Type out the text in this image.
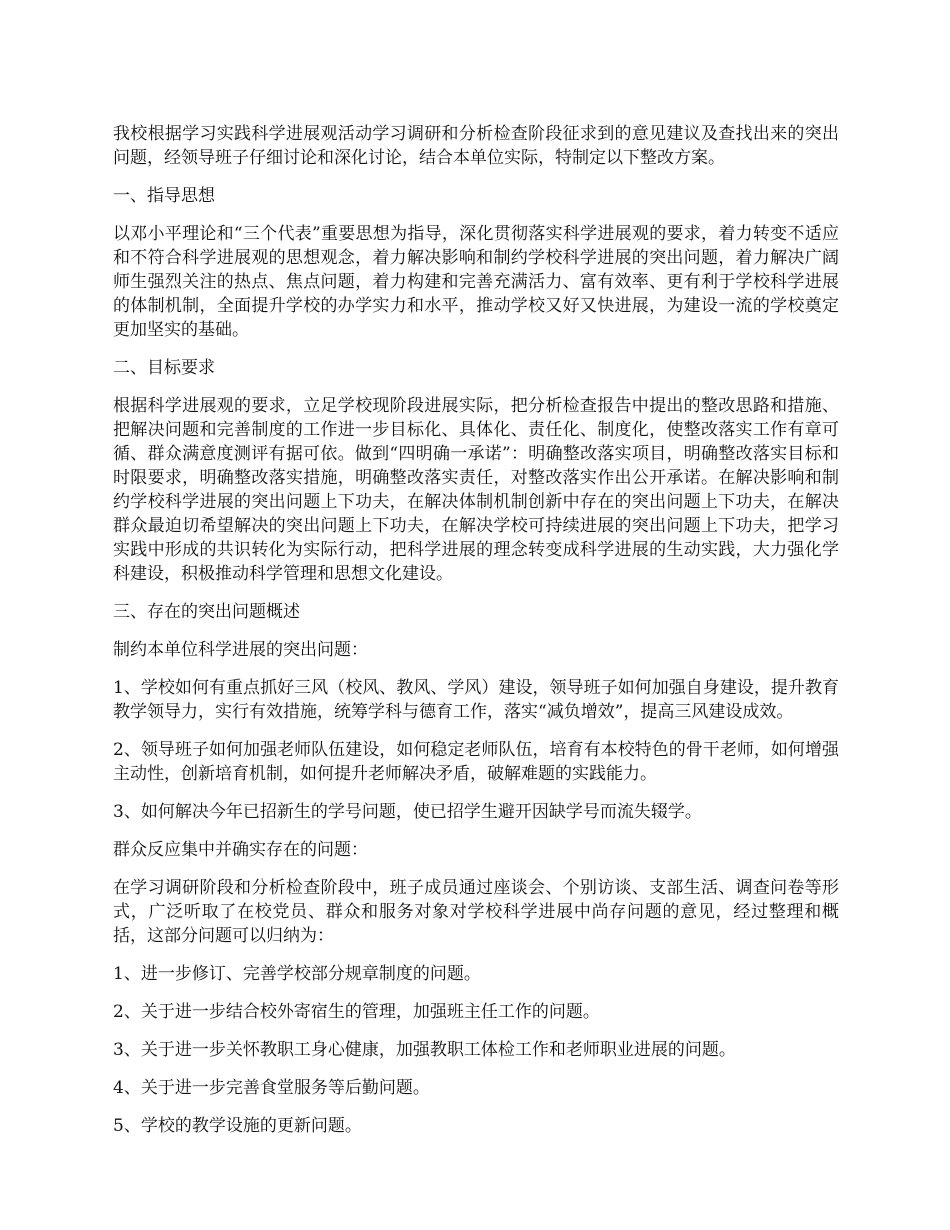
我校根据学习实践科学进展观活动学习调研和分析检查阶段征求到的意见建议及查找出来的突出问题，经领导班子仔细讨论和深化讨论，结合本单位实际，特制定以下整改方案。

一、指导思想

以邓小平理论和“三个代表”重要思想为指导，深化贯彻落实科学进展观的要求，着力转变不适应和不符合科学进展观的思想观念，着力解决影响和制约学校科学进展的突出问题，着力解决广阔师生强烈关注的热点、焦点问题，着力构建和完善充满活力、富有效率、更有利于学校科学进展的体制机制，全面提升学校的办学实力和水平，推动学校又好又快进展，为建设一流的学校奠定更加坚实的基础。

二、目标要求

根据科学进展观的要求，立足学校现阶段进展实际，把分析检查报告中提出的整改思路和措施、把解决问题和完善制度的工作进一步目标化、具体化、责任化、制度化，使整改落实工作有章可循、群众满意度测评有据可依。做到“四明确一承诺”：明确整改落实项目，明确整改落实目标和时限要求，明确整改落实措施，明确整改落实责任，对整改落实作出公开承诺。在解决影响和制约学校科学进展的突出问题上下功夫，在解决体制机制创新中存在的突出问题上下功夫，在解决群众最迫切希望解决的突出问题上下功夫，在解决学校可持续进展的突出问题上下功夫，把学习实践中形成的共识转化为实际行动，把科学进展的理念转变成科学进展的生动实践，大力强化学科建设，积极推动科学管理和思想文化建设。

三、存在的突出问题概述

制约本单位科学进展的突出问题：

1、学校如何有重点抓好三风（校风、教风、学风）建设，领导班子如何加强自身建设，提升教育教学领导力，实行有效措施，统筹学科与德育工作，落实“减负增效”，提高三风建设成效。

2、领导班子如何加强老师队伍建设，如何稳定老师队伍，培育有本校特色的骨干老师，如何增强主动性，创新培育机制，如何提升老师解决矛盾，破解难题的实践能力。

3、如何解决今年已招新生的学号问题，使已招学生避开因缺学号而流失辍学。

群众反应集中并确实存在的问题：

在学习调研阶段和分析检查阶段中，班子成员通过座谈会、个别访谈、支部生活、调查问卷等形式，广泛听取了在校党员、群众和服务对象对学校科学进展中尚存问题的意见，经过整理和概括，这部分问题可以归纳为：

1、进一步修订、完善学校部分规章制度的问题。

2、关于进一步结合校外寄宿生的管理，加强班主任工作的问题。

3、关于进一步关怀教职工身心健康，加强教职工体检工作和老师职业进展的问题。

4、关于进一步完善食堂服务等后勤问题。

5、学校的教学设施的更新问题。
